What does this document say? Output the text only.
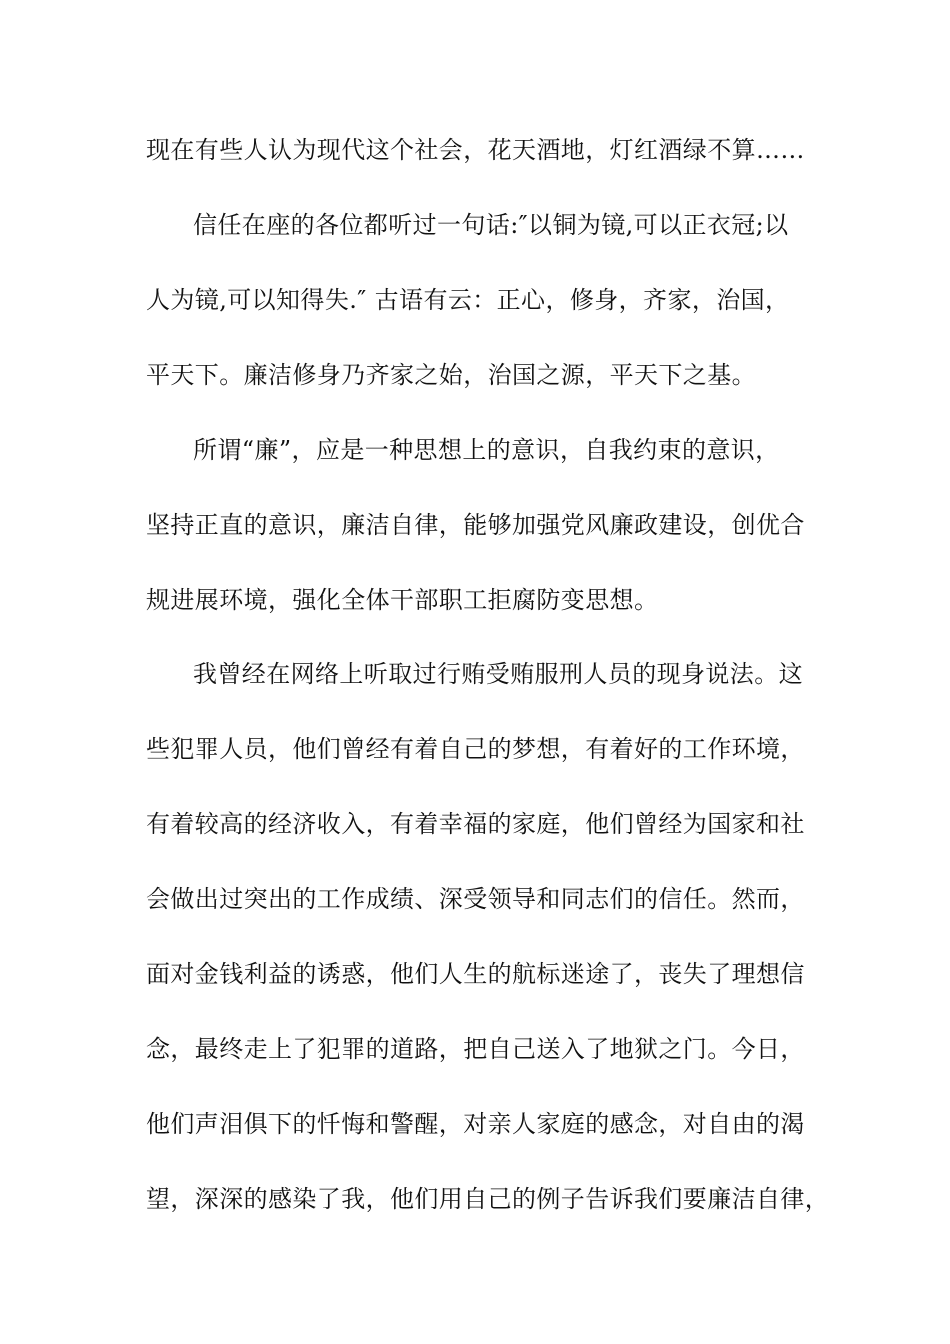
现在有些人认为现代这个社会，花天酒地，灯红酒绿不算……
信任在座的各位都听过一句话:″以铜为镜,可以正衣冠;以
人为镜,可以知得失.″ 古语有云：正心，修身，齐家，治国，
平天下。廉洁修身乃齐家之始，治国之源，平天下之基。
所谓“廉”，应是一种思想上的意识，自我约束的意识，
坚持正直的意识，廉洁自律，能够加强党风廉政建设，创优合
规进展环境，强化全体干部职工拒腐防变思想。
我曾经在网络上听取过行贿受贿服刑人员的现身说法。这
些犯罪人员，他们曾经有着自己的梦想，有着好的工作环境，
有着较高的经济收入，有着幸福的家庭，他们曾经为国家和社
会做出过突出的工作成绩、深受领导和同志们的信任。然而，
面对金钱利益的诱惑，他们人生的航标迷途了，丧失了理想信
念，最终走上了犯罪的道路，把自己送入了地狱之门。今日，
他们声泪俱下的忏悔和警醒，对亲人家庭的感念，对自由的渴
望，深深的感染了我，他们用自己的例子告诉我们要廉洁自律，
